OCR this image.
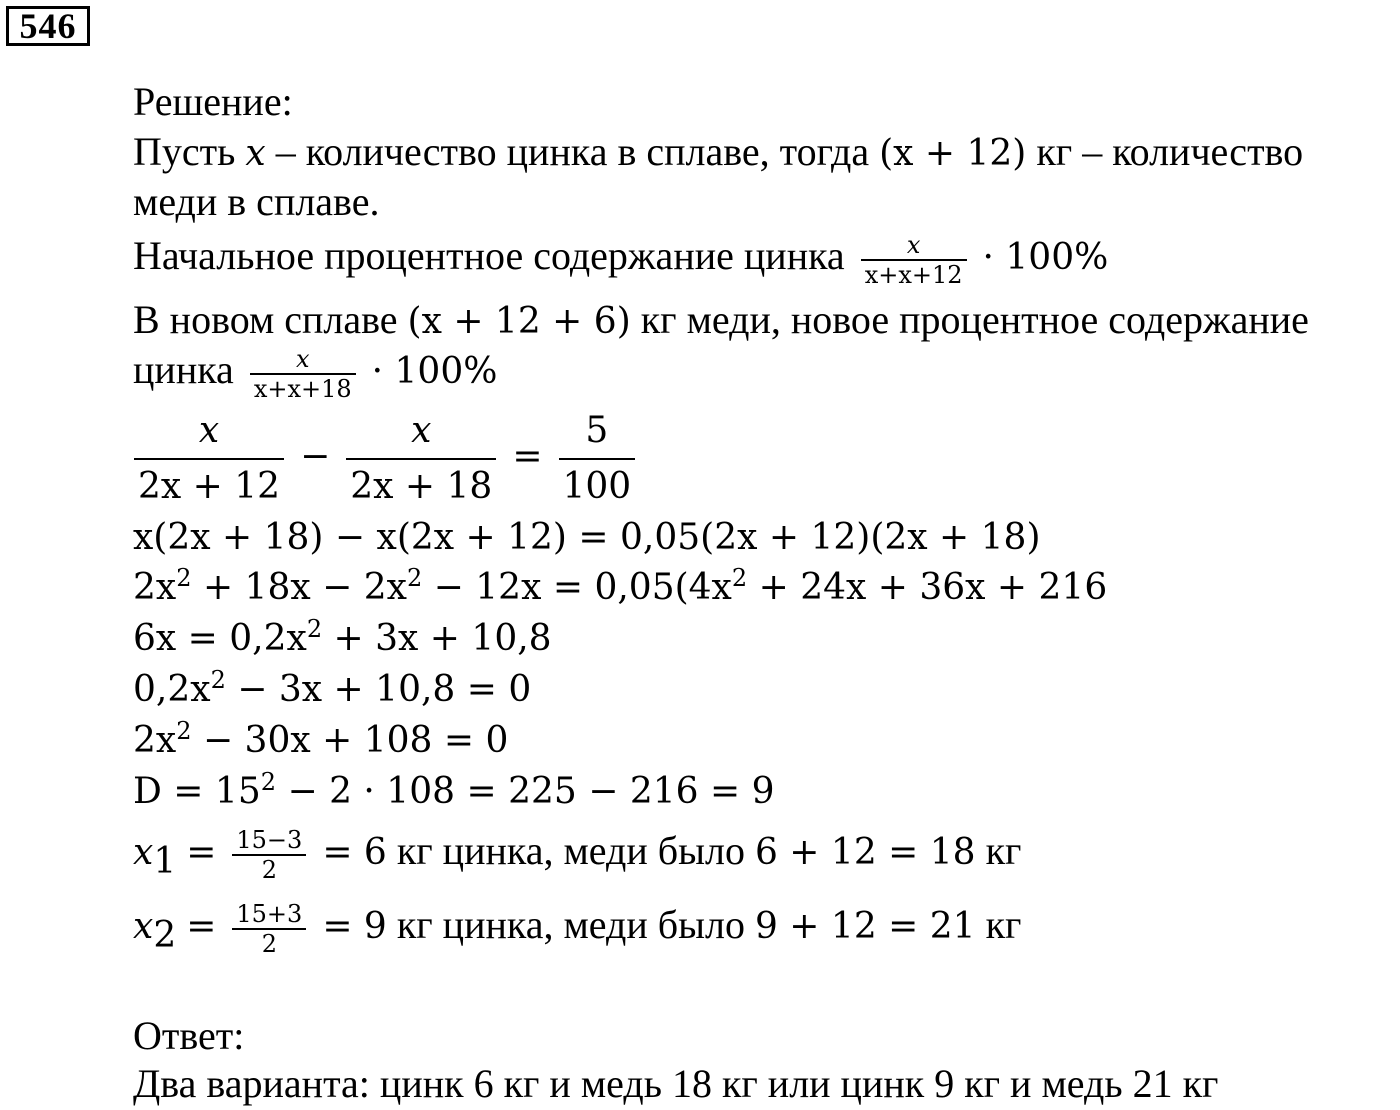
546
Решение:
Пусть x – количество цинка в сплаве, тогда (x + 12) кг – количество
меди в сплаве.
Начальное процентное содержание цинка $\frac{x}{x+x+12} \cdot 100\%$
В новом сплаве (x + 12 + 6) кг меди, новое процентное содержание
цинка $\frac{x}{x+x+18} \cdot 100\%$
$\frac{x}{2x + 12} - \frac{x}{2x + 18} = \frac{5}{100}$
x(2x + 18) − x(2x + 12) = 0,05(2x + 12)(2x + 18)
$2x^2 + 18x - 2x^2 - 12x = 0,05(4x^2 + 24x + 36x + 216$
$6x = 0,2x^2 + 3x + 10,8$
$0,2x^2 - 3x + 10,8 = 0$
$2x^2 - 30x + 108 = 0$
$D = 15^2 - 2 \cdot 108 = 225 - 216 = 9$
$x_1 = \frac{15-3}{2} = 6$ кг цинка, меди было 6 + 12 = 18 кг
$x_2 = \frac{15+3}{2} = 9$ кг цинка, меди было 9 + 12 = 21 кг
Ответ:
Два варианта: цинк 6 кг и медь 18 кг или цинк 9 кг и медь 21 кг
